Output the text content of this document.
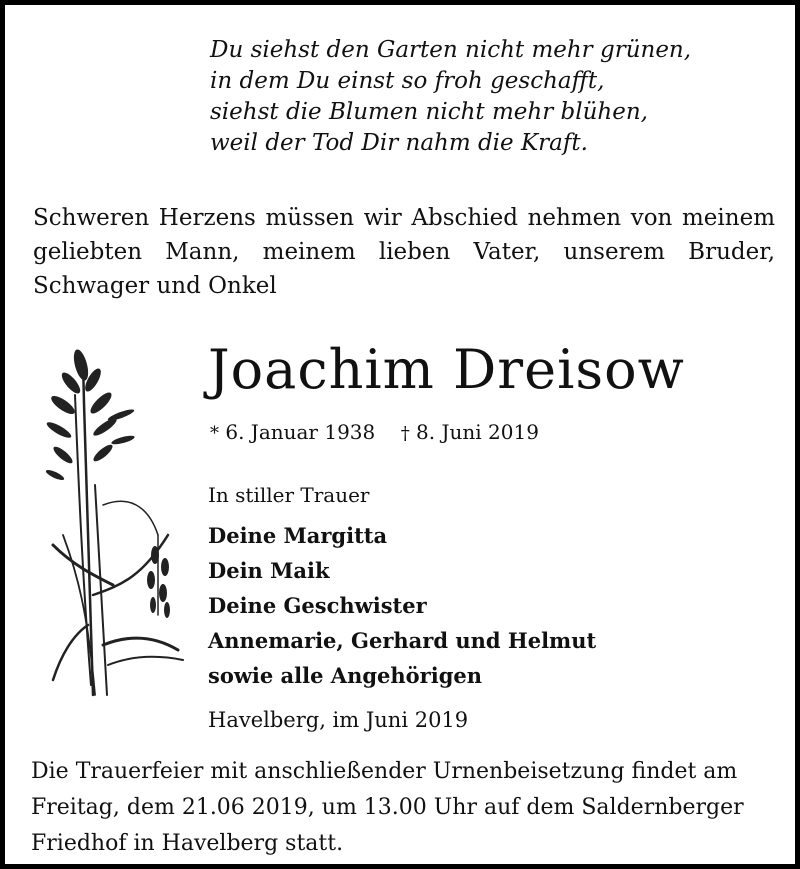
Du siehst den Garten nicht mehr grünen,
in dem Du einst so froh geschafft,
siehst die Blumen nicht mehr blühen,
weil der Tod Dir nahm die Kraft.
Schweren Herzens müssen wir Abschied nehmen von meinem geliebten Mann, meinem lieben Vater, unserem Bruder, Schwager und Onkel
Joachim Dreisow
* 6. Januar 1938 † 8. Juni 2019
In stiller Trauer
Deine Margitta
Dein Maik
Deine Geschwister
Annemarie, Gerhard und Helmut
sowie alle Angehörigen
Havelberg, im Juni 2019
Die Trauerfeier mit anschließender Urnenbeisetzung findet am Freitag, dem 21.06 2019, um 13.00 Uhr auf dem Saldernberger Friedhof in Havelberg statt.
